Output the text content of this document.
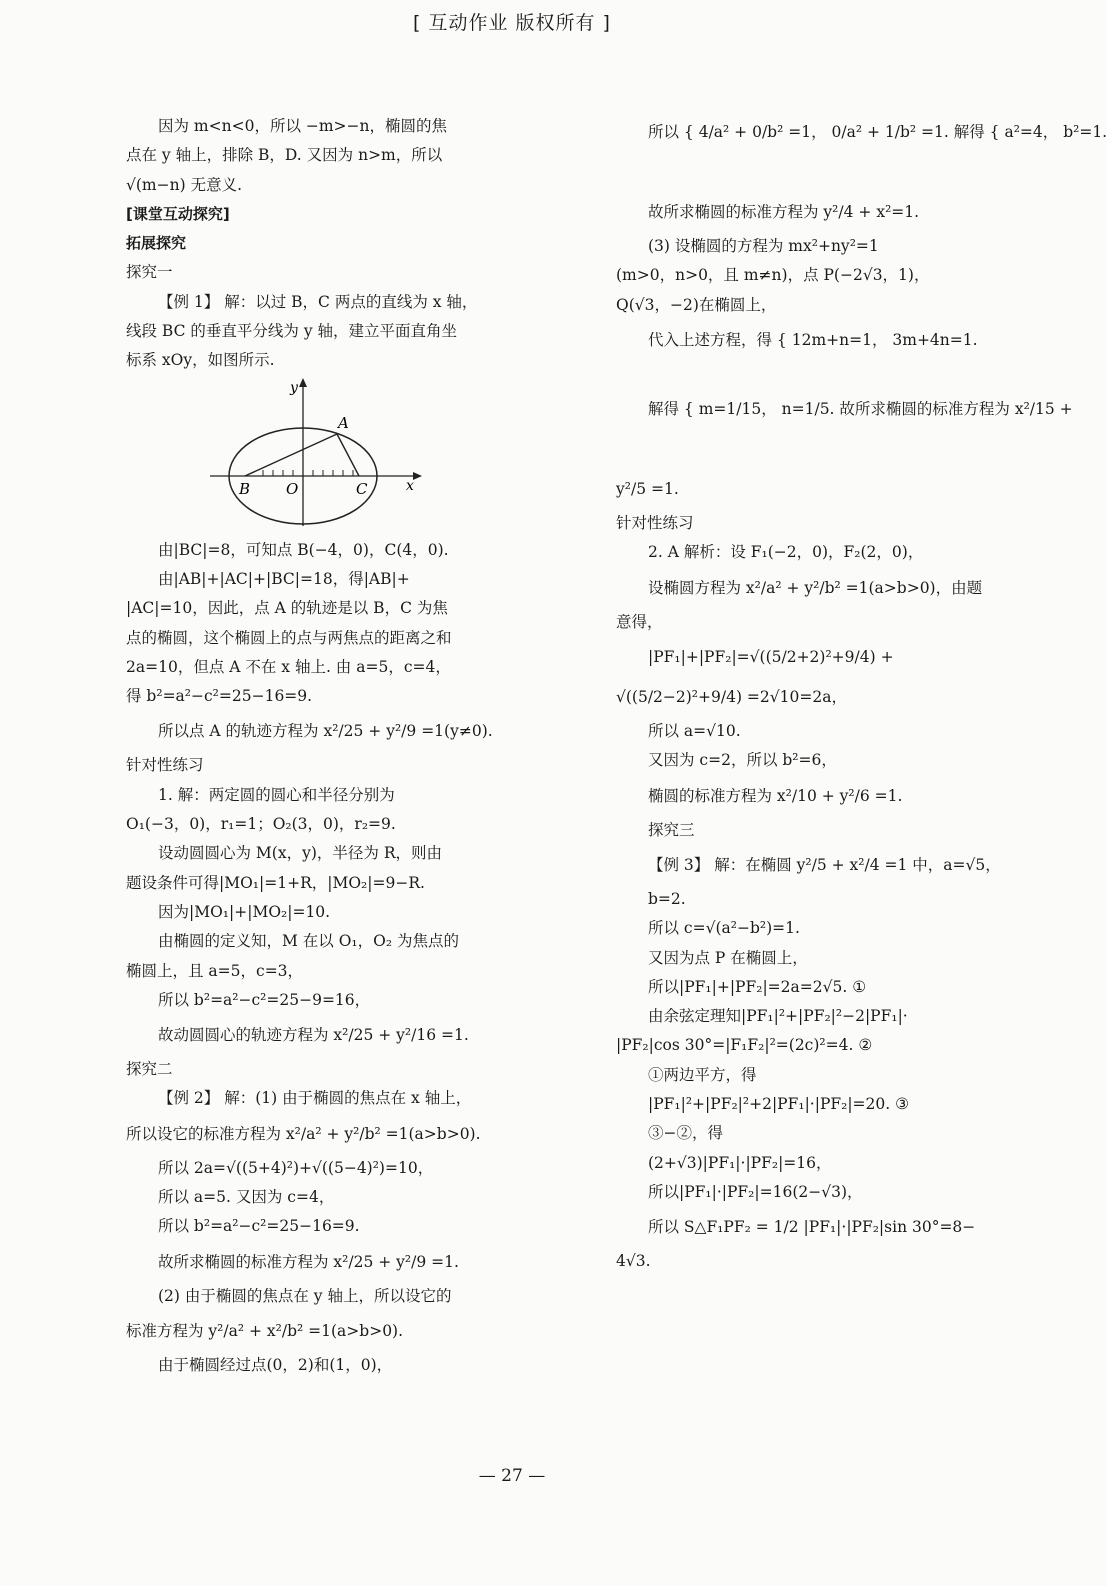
[ 互动作业 版权所有 ]
因为 m<n<0，所以 −m>−n，椭圆的焦
点在 y 轴上，排除 B，D. 又因为 n>m，所以
√(m−n) 无意义.
[课堂互动探究]
拓展探究
探究一
【例 1】 解：以过 B，C 两点的直线为 x 轴，
线段 BC 的垂直平分线为 y 轴，建立平面直角坐
标系 xOy，如图所示.
y
x
A
B O	C
由|BC|=8，可知点 B(−4，0)，C(4，0).
由|AB|+|AC|+|BC|=18，得|AB|+
|AC|=10，因此，点 A 的轨迹是以 B，C 为焦
点的椭圆，这个椭圆上的点与两焦点的距离之和
2a=10，但点 A 不在 x 轴上. 由 a=5，c=4，
得 b²=a²−c²=25−16=9.
所以点 A 的轨迹方程为 x²/25 + y²/9 =1(y≠0).
针对性练习
1. 解：两定圆的圆心和半径分别为
O₁(−3，0)，r₁=1；O₂(3，0)，r₂=9.
设动圆圆心为 M(x，y)，半径为 R，则由
题设条件可得|MO₁|=1+R，|MO₂|=9−R.
因为|MO₁|+|MO₂|=10.
由椭圆的定义知，M 在以 O₁，O₂ 为焦点的
椭圆上，且 a=5，c=3，
所以 b²=a²−c²=25−9=16，
故动圆圆心的轨迹方程为 x²/25 + y²/16 =1.
探究二
【例 2】 解：(1) 由于椭圆的焦点在 x 轴上，
所以设它的标准方程为 x²/a² + y²/b² =1(a>b>0).
所以 2a=√((5+4)²)+√((5−4)²)=10，
所以 a=5. 又因为 c=4，
所以 b²=a²−c²=25−16=9.
故所求椭圆的标准方程为 x²/25 + y²/9 =1.
(2) 由于椭圆的焦点在 y 轴上，所以设它的
标准方程为 y²/a² + x²/b² =1(a>b>0).
由于椭圆经过点(0，2)和(1，0)，
所以 { 4/a² + 0/b² =1， 0/a² + 1/b² =1. 解得 { a²=4， b²=1.
故所求椭圆的标准方程为 y²/4 + x²=1.
(3) 设椭圆的方程为 mx²+ny²=1
(m>0，n>0，且 m≠n)，点 P(−2√3，1)，
Q(√3，−2)在椭圆上，
代入上述方程，得 { 12m+n=1， 3m+4n=1.
解得 { m=1/15， n=1/5. 故所求椭圆的标准方程为 x²/15 +
y²/5 =1.
针对性练习
2. A 解析：设 F₁(−2，0)，F₂(2，0)，
设椭圆方程为 x²/a² + y²/b² =1(a>b>0)，由题
意得，
|PF₁|+|PF₂|=√((5/2+2)²+9/4) +
√((5/2−2)²+9/4) =2√10=2a，
所以 a=√10.
又因为 c=2，所以 b²=6，
椭圆的标准方程为 x²/10 + y²/6 =1.
探究三
【例 3】 解：在椭圆 y²/5 + x²/4 =1 中，a=√5，
b=2.
所以 c=√(a²−b²)=1.
又因为点 P 在椭圆上，
所以|PF₁|+|PF₂|=2a=2√5. ①
由余弦定理知|PF₁|²+|PF₂|²−2|PF₁|·
|PF₂|cos 30°=|F₁F₂|²=(2c)²=4. ②
①两边平方，得
|PF₁|²+|PF₂|²+2|PF₁|·|PF₂|=20. ③
③−②，得
(2+√3)|PF₁|·|PF₂|=16，
所以|PF₁|·|PF₂|=16(2−√3)，
所以 S△F₁PF₂ = 1/2 |PF₁|·|PF₂|sin 30°=8−
4√3.
— 27 —
